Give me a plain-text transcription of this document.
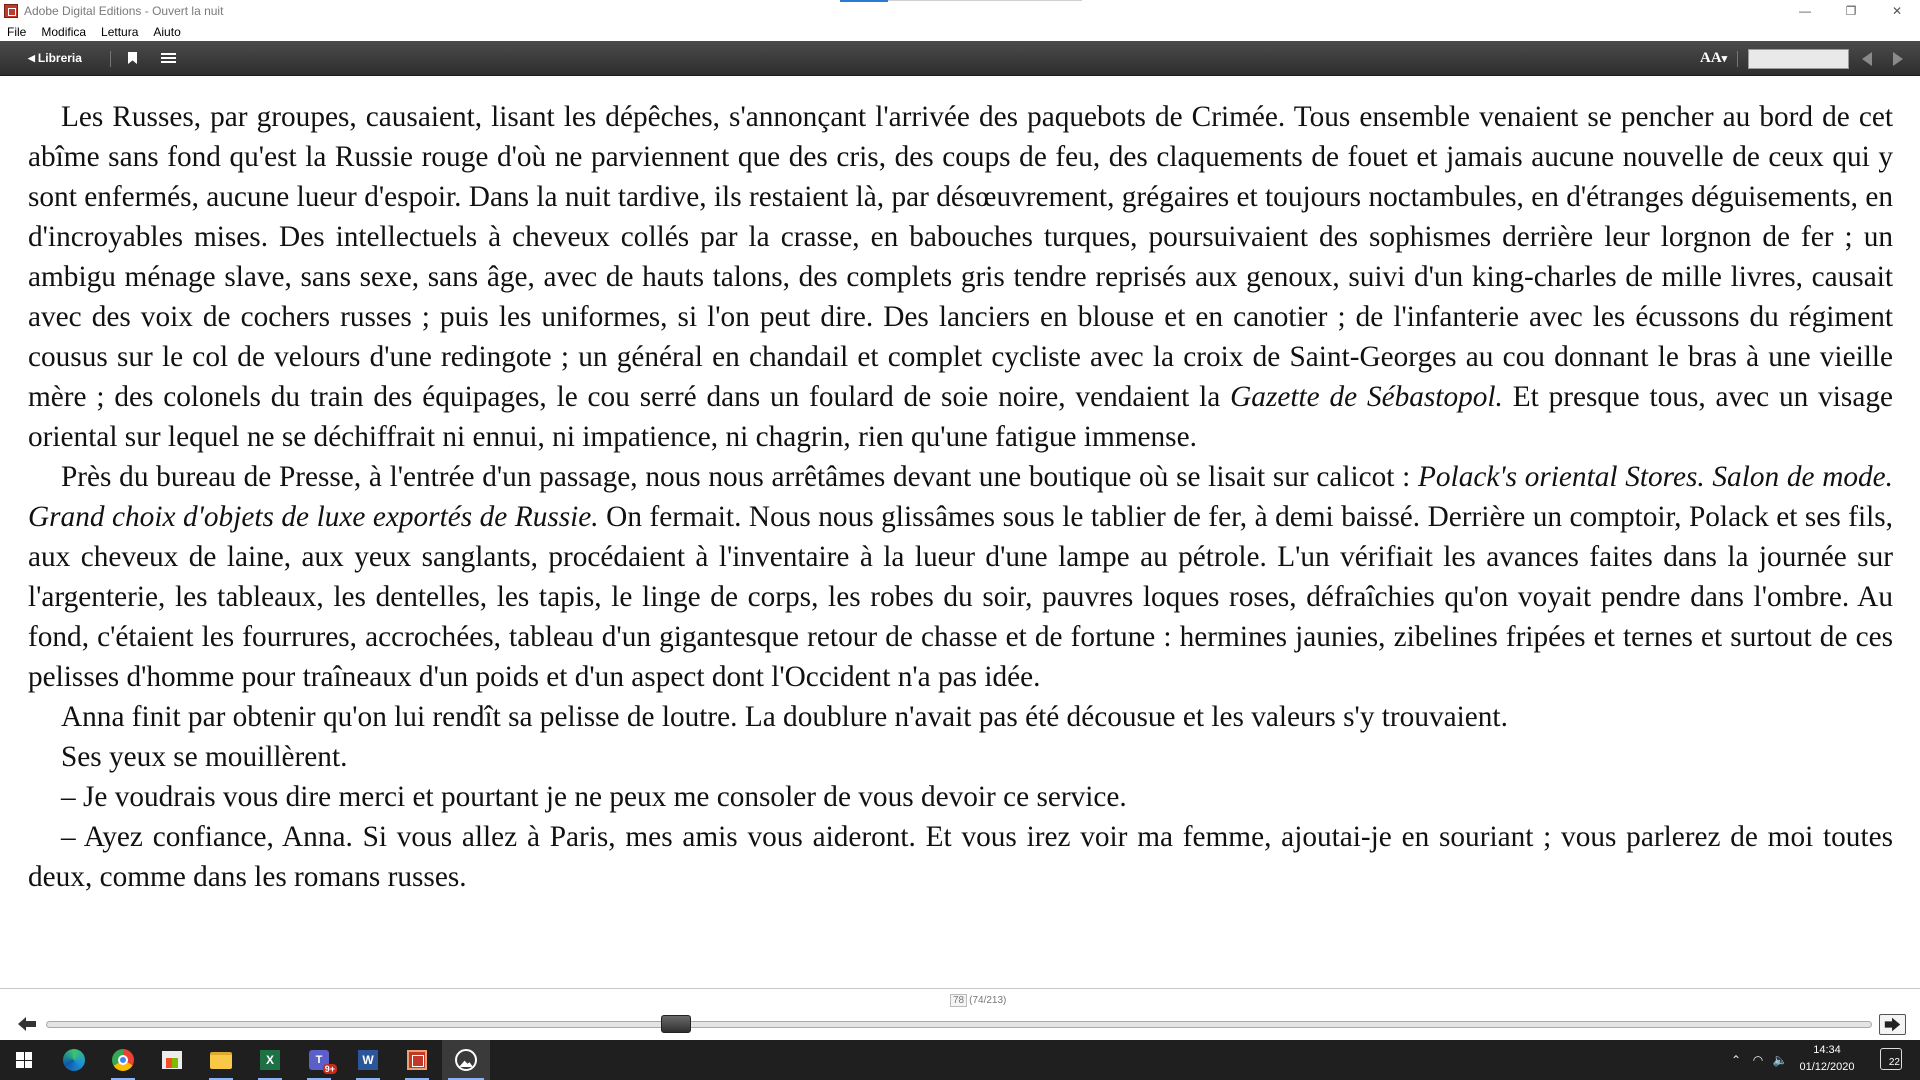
Adobe Digital Editions - Ouvert la nuit	—	❐	✕
File	Modifica	Lettura	Aiuto
◀ Libreria	AA▾

Les Russes, par groupes, causaient, lisant les dépêches, s'annonçant l'arrivée des paquebots de Crimée. Tous ensemble venaient se pencher au bord de cet abîme sans fond qu'est la Russie rouge d'où ne parviennent que des cris, des coups de feu, des claquements de fouet et jamais aucune nouvelle de ceux qui y sont enfermés, aucune lueur d'espoir. Dans la nuit tardive, ils restaient là, par désœuvrement, grégaires et toujours noctambules, en d'étranges déguisements, en d'incroyables mises. Des intellectuels à cheveux collés par la crasse, en babouches turques, poursuivaient des sophismes derrière leur lorgnon de fer ; un ambigu ménage slave, sans sexe, sans âge, avec de hauts talons, des complets gris tendre reprisés aux genoux, suivi d'un king-charles de mille livres, causait avec des voix de cochers russes ; puis les uniformes, si l'on peut dire. Des lanciers en blouse et en canotier ; de l'infanterie avec les écussons du régiment cousus sur le col de velours d'une redingote ; un général en chandail et complet cycliste avec la croix de Saint-Georges au cou donnant le bras à une vieille mère ; des colonels du train des équipages, le cou serré dans un foulard de soie noire, vendaient la Gazette de Sébastopol. Et presque tous, avec un visage oriental sur lequel ne se déchiffrait ni ennui, ni impatience, ni chagrin, rien qu'une fatigue immense.

Près du bureau de Presse, à l'entrée d'un passage, nous nous arrêtâmes devant une boutique où se lisait sur calicot : Polack's oriental Stores. Salon de mode. Grand choix d'objets de luxe exportés de Russie. On fermait. Nous nous glissâmes sous le tablier de fer, à demi baissé. Derrière un comptoir, Polack et ses fils, aux cheveux de laine, aux yeux sanglants, procédaient à l'inventaire à la lueur d'une lampe au pétrole. L'un vérifiait les avances faites dans la journée sur l'argenterie, les tableaux, les dentelles, les tapis, le linge de corps, les robes du soir, pauvres loques roses, défraîchies qu'on voyait pendre dans l'ombre. Au fond, c'étaient les fourrures, accrochées, tableau d'un gigantesque retour de chasse et de fortune : hermines jaunies, zibelines fripées et ternes et surtout de ces pelisses d'homme pour traîneaux d'un poids et d'un aspect dont l'Occident n'a pas idée.

Anna finit par obtenir qu'on lui rendît sa pelisse de loutre. La doublure n'avait pas été décousue et les valeurs s'y trouvaient.

Ses yeux se mouillèrent.

– Je voudrais vous dire merci et pourtant je ne peux me consoler de vous devoir ce service.

– Ayez confiance, Anna. Si vous allez à Paris, mes amis vous aideront. Et vous irez voir ma femme, ajoutai-je en souriant ; vous parlerez de moi toutes deux, comme dans les romans russes.

78 (74/213)
X	T
9+
W	⌃ ◠ 🔈
14:34
01/12/2020	22
